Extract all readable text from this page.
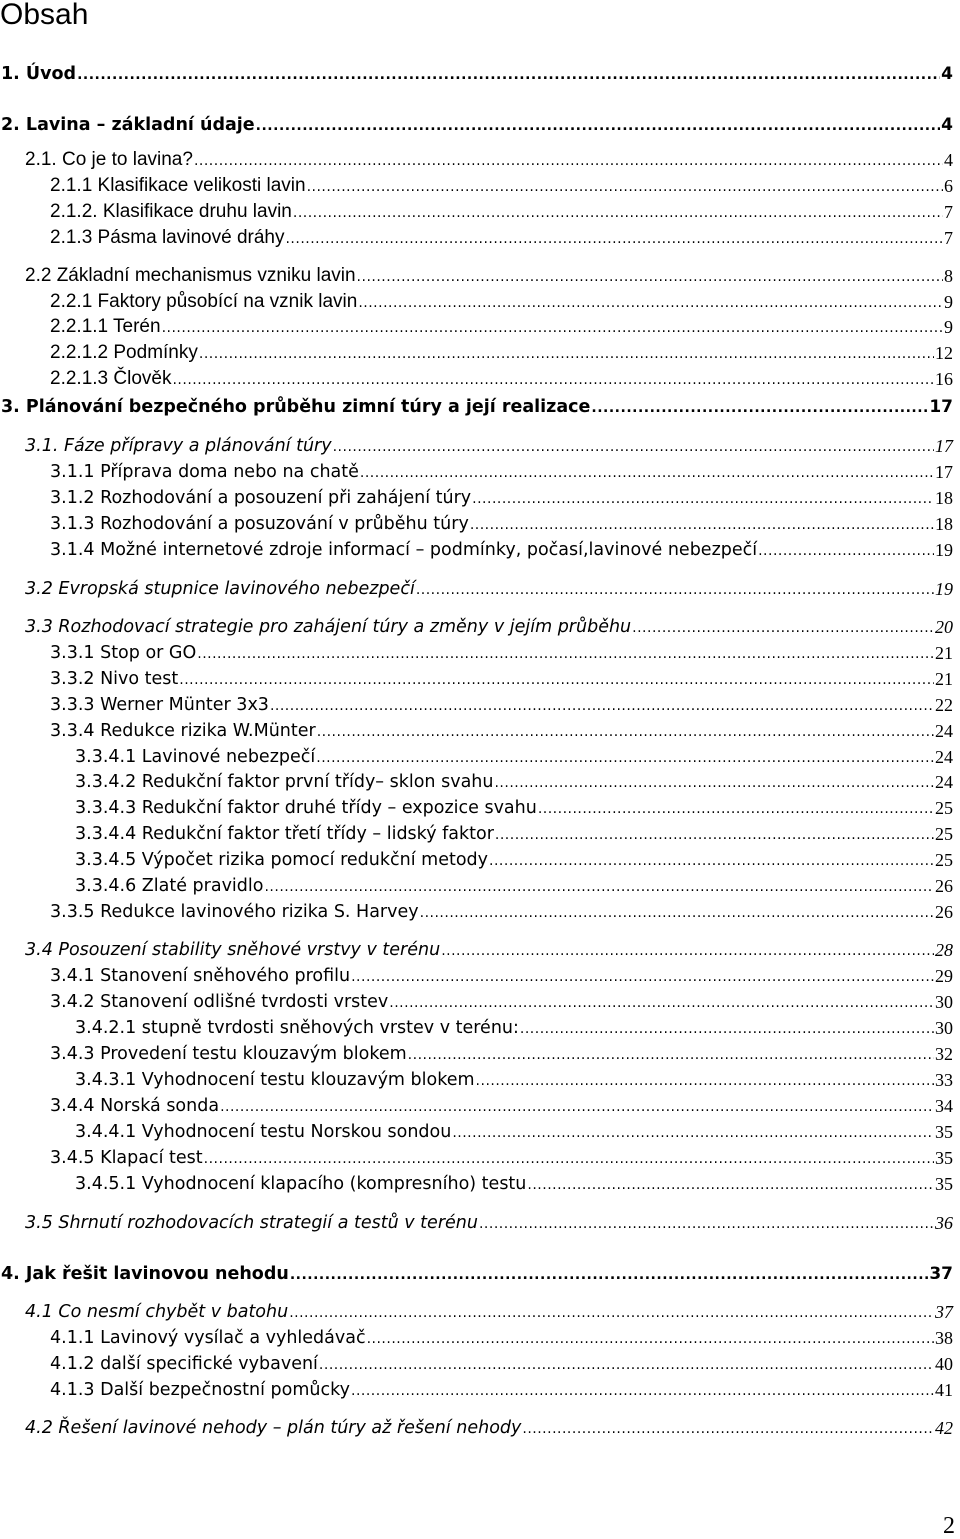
Obsah
1. Úvod .....	4
2. Lavina – základní údaje .....	4
2.1. Co je to lavina? .....	4
2.1.1 Klasifikace velikosti lavin .....	6
2.1.2. Klasifikace druhu lavin .....	7
2.1.3 Pásma lavinové dráhy .....	7
2.2 Základní mechanismus vzniku lavin .....	8
2.2.1 Faktory působící na vznik lavin .....	9
2.2.1.1 Terén .....	9
2.2.1.2 Podmínky .....	12
2.2.1.3 Člověk .....	16
3. Plánování bezpečného průběhu zimní túry a její realizace .....	17
3.1. Fáze přípravy a plánování túry .....	17
3.1.1 Příprava doma nebo na chatě .....	17
3.1.2 Rozhodování a posouzení při zahájení túry .....	18
3.1.3 Rozhodování a posuzování v průběhu túry .....	18
3.1.4 Možné internetové zdroje informací – podmínky, počasí,lavinové nebezpečí .....	19
3.2 Evropská stupnice lavinového nebezpečí .....	19
3.3 Rozhodovací strategie pro zahájení túry a změny v jejím průběhu .....	20
3.3.1 Stop or GO .....	21
3.3.2 Nivo test .....	21
3.3.3 Werner Münter 3x3 .....	22
3.3.4 Redukce rizika W.Münter .....	24
3.3.4.1 Lavinové nebezpečí .....	24
3.3.4.2 Redukční faktor první třídy– sklon svahu .....	24
3.3.4.3 Redukční faktor druhé třídy – expozice svahu .....	25
3.3.4.4 Redukční faktor třetí třídy – lidský faktor .....	25
3.3.4.5 Výpočet rizika pomocí redukční metody .....	25
3.3.4.6 Zlaté pravidlo .....	26
3.3.5 Redukce lavinového rizika S. Harvey .....	26
3.4 Posouzení stability sněhové vrstvy v terénu .....	28
3.4.1 Stanovení sněhového profilu .....	29
3.4.2 Stanovení odlišné tvrdosti vrstev .....	30
3.4.2.1 stupně tvrdosti sněhových vrstev v terénu: .....	30
3.4.3 Provedení testu klouzavým blokem .....	32
3.4.3.1 Vyhodnocení testu klouzavým blokem .....	33
3.4.4 Norská sonda .....	34
3.4.4.1 Vyhodnocení testu Norskou sondou .....	35
3.4.5 Klapací test .....	35
3.4.5.1 Vyhodnocení klapacího (kompresního) testu .....	35
3.5 Shrnutí rozhodovacích strategií a testů v terénu .....	36
4. Jak řešit lavinovou nehodu .....	37
4.1 Co nesmí chybět v batohu .....	37
4.1.1 Lavinový vysílač a vyhledávač .....	38
4.1.2 další specifické vybavení .....	40
4.1.3 Další bezpečnostní pomůcky .....	41
4.2 Řešení lavinové nehody – plán túry až řešení nehody .....	42
2
